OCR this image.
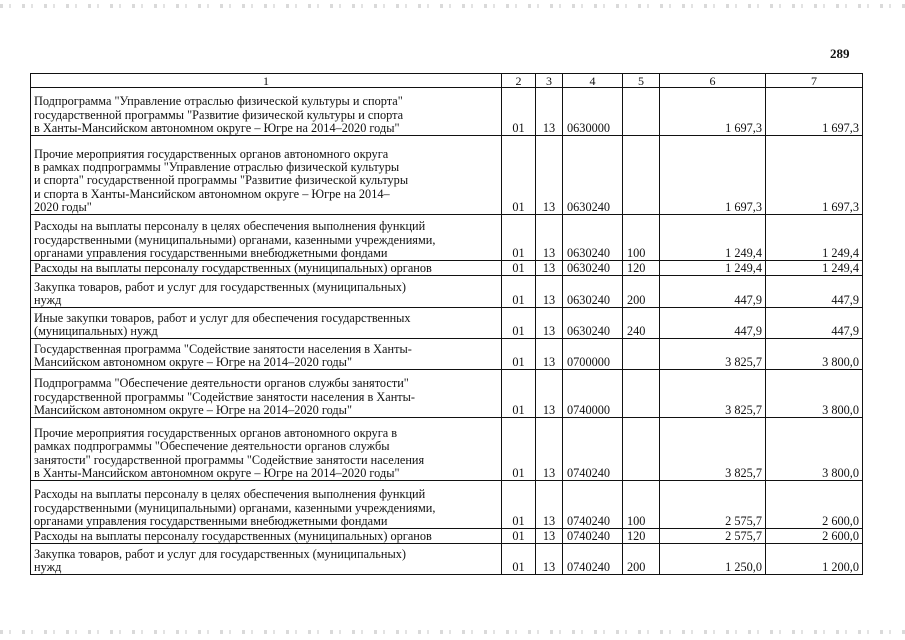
289
1	2	3	4	5	6	7
Подпрограмма "Управление отраслью физической культуры и спорта"
государственной программы "Развитие физической культуры и спорта
в Ханты-Мансийском автономном округе – Югре на 2014–2020 годы"	01	13	0630000		1 697,3	1 697,3
Прочие мероприятия государственных органов автономного округа
в рамках подпрограммы "Управление отраслью физической культуры
и спорта" государственной программы "Развитие физической культуры
и спорта в Ханты-Мансийском автономном округе – Югре на 2014–
2020 годы"	01	13	0630240		1 697,3	1 697,3
Расходы на выплаты персоналу в целях обеспечения выполнения функций
государственными (муниципальными) органами, казенными учреждениями,
органами управления государственными внебюджетными фондами	01	13	0630240	100	1 249,4	1 249,4
Расходы на выплаты персоналу государственных (муниципальных) органов	01	13	0630240	120	1 249,4	1 249,4
Закупка товаров, работ и услуг для государственных (муниципальных)
нужд	01	13	0630240	200	447,9	447,9
Иные закупки товаров, работ и услуг для обеспечения государственных
(муниципальных) нужд	01	13	0630240	240	447,9	447,9
Государственная программа "Содействие занятости населения в Ханты-
Мансийском автономном округе – Югре на 2014–2020 годы"	01	13	0700000		3 825,7	3 800,0
Подпрограмма "Обеспечение деятельности органов службы занятости"
государственной программы "Содействие занятости населения в Ханты-
Мансийском автономном округе – Югре на 2014–2020 годы"	01	13	0740000		3 825,7	3 800,0
Прочие мероприятия государственных органов автономного округа в
рамках подпрограммы "Обеспечение деятельности органов службы
занятости" государственной программы "Содействие занятости населения
в Ханты-Мансийском автономном округе – Югре на 2014–2020 годы"	01	13	0740240		3 825,7	3 800,0
Расходы на выплаты персоналу в целях обеспечения выполнения функций
государственными (муниципальными) органами, казенными учреждениями,
органами управления государственными внебюджетными фондами	01	13	0740240	100	2 575,7	2 600,0
Расходы на выплаты персоналу государственных (муниципальных) органов	01	13	0740240	120	2 575,7	2 600,0
Закупка товаров, работ и услуг для государственных (муниципальных)
нужд	01	13	0740240	200	1 250,0	1 200,0
